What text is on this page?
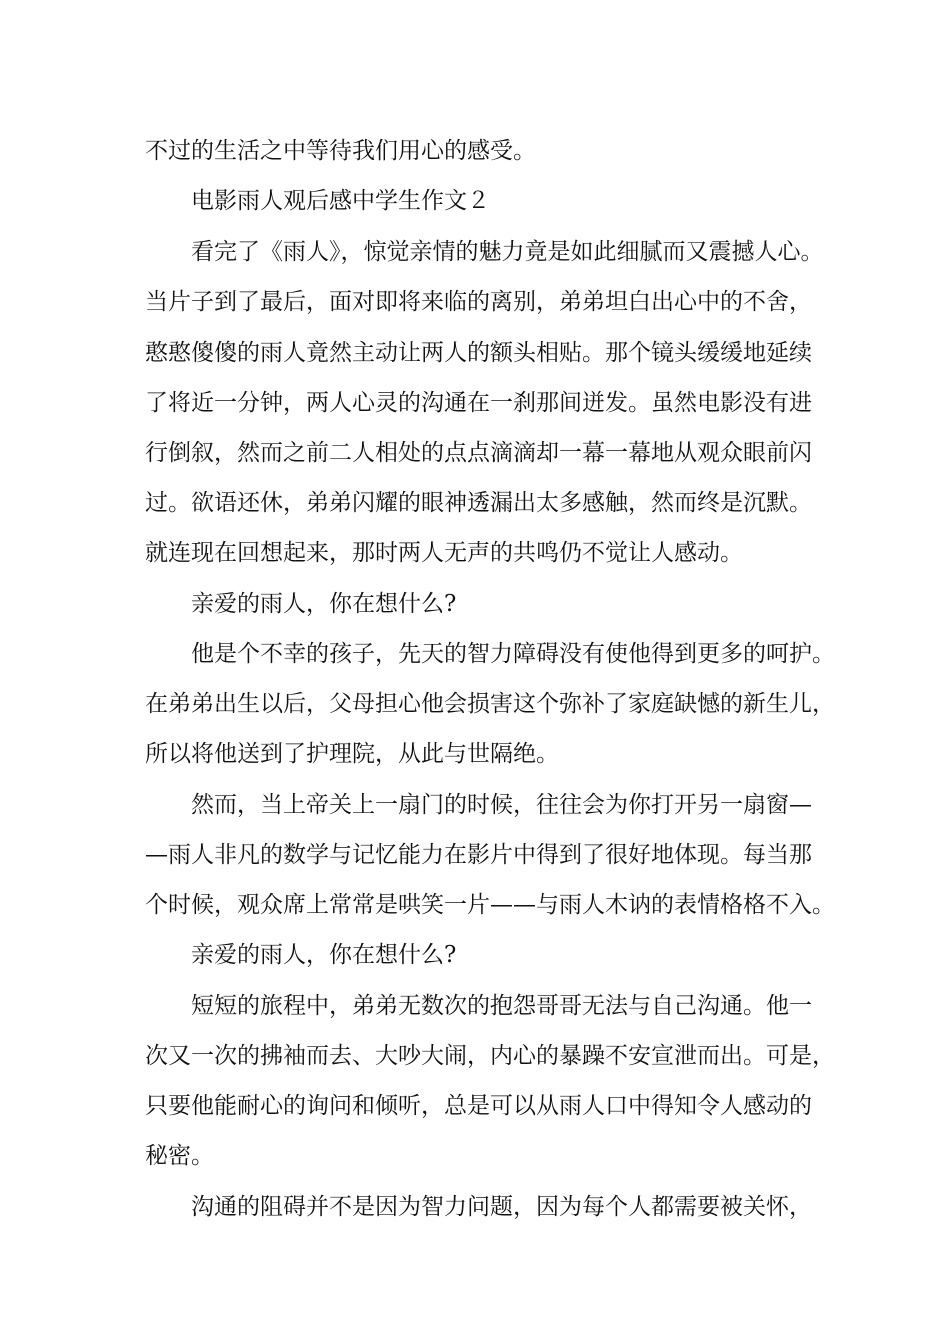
不过的生活之中等待我们用心的感受。

电影雨人观后感中学生作文２

看完了《雨人》，惊觉亲情的魅力竟是如此细腻而又震撼人心。

当片子到了最后，面对即将来临的离别，弟弟坦白出心中的不舍，

憨憨傻傻的雨人竟然主动让两人的额头相贴。那个镜头缓缓地延续

了将近一分钟，两人心灵的沟通在一刹那间迸发。虽然电影没有进

行倒叙，然而之前二人相处的点点滴滴却一幕一幕地从观众眼前闪

过。欲语还休，弟弟闪耀的眼神透漏出太多感触，然而终是沉默。

就连现在回想起来，那时两人无声的共鸣仍不觉让人感动。

亲爱的雨人，你在想什么?

他是个不幸的孩子，先天的智力障碍没有使他得到更多的呵护。

在弟弟出生以后，父母担心他会损害这个弥补了家庭缺憾的新生儿，

所以将他送到了护理院，从此与世隔绝。

然而，当上帝关上一扇门的时候，往往会为你打开另一扇窗—

—雨人非凡的数学与记忆能力在影片中得到了很好地体现。每当那

个时候，观众席上常常是哄笑一片——与雨人木讷的表情格格不入。

亲爱的雨人，你在想什么?

短短的旅程中，弟弟无数次的抱怨哥哥无法与自己沟通。他一

次又一次的拂袖而去、大吵大闹，内心的暴躁不安宣泄而出。可是，

只要他能耐心的询问和倾听，总是可以从雨人口中得知令人感动的

秘密。

沟通的阻碍并不是因为智力问题，因为每个人都需要被关怀，
